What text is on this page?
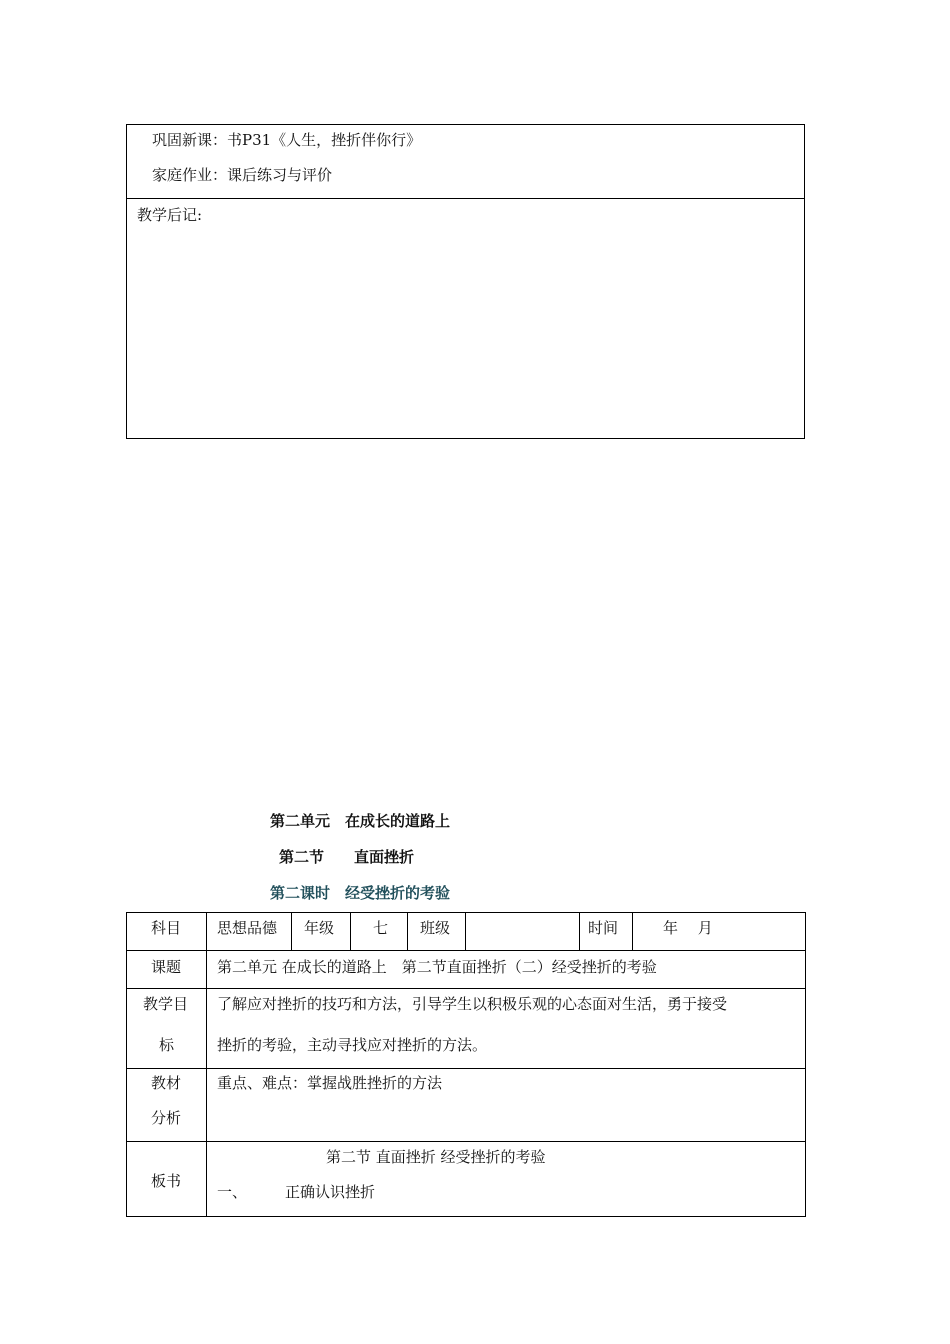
巩固新课：书P31《人生，挫折伴你行》
家庭作业：课后练习与评价

教学后记:
第二单元　在成长的道路上
第二节　　直面挫折
第二课时　经受挫折的考验
科目	思想品德	年级	七	班级		时间	年　 月

课题	第二单元 在成长的道路上　第二节直面挫折（二）经受挫折的考验						

教学目
标	了解应对挫折的技巧和方法，引导学生以积极乐观的心态面对生活，勇于接受
挫折的考验，主动寻找应对挫折的方法。						

教材
分析	重点、难点：掌握战胜挫折的方法						

板书	第二节 直面挫折 经受挫折的考验
一、 正确认识挫折						
